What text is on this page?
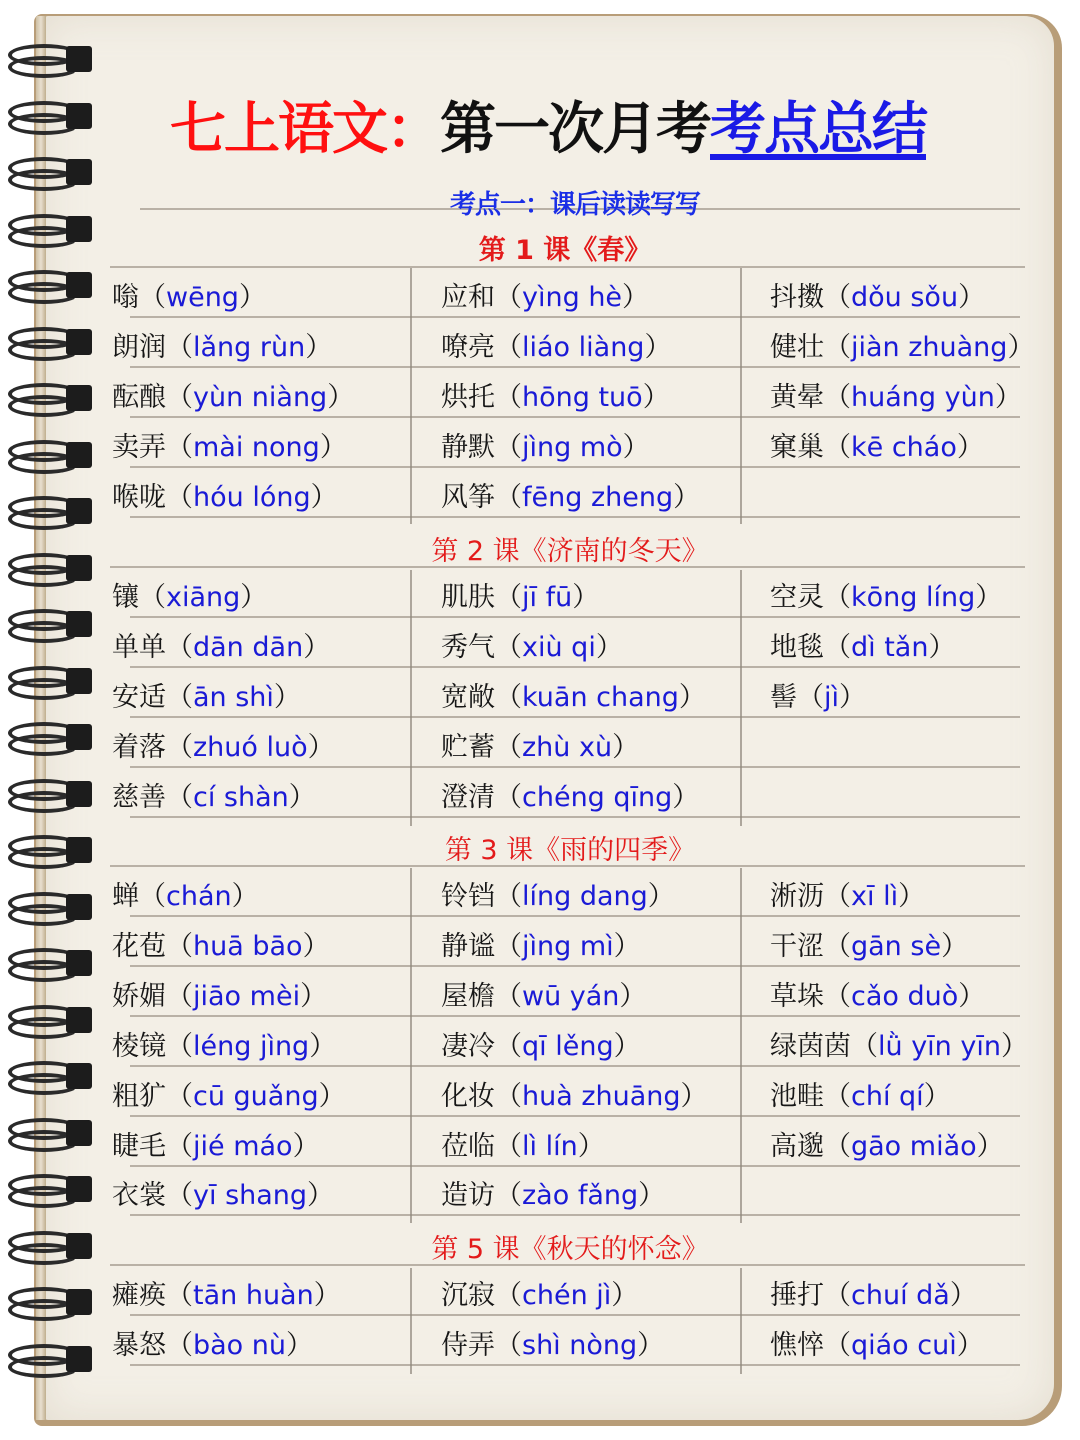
七上语文：第一次月考考点总结
考点一：课后读读写写
第 1 课《春》
嗡（wēng）
朗润（lǎng rùn）
酝酿（yùn niàng）
卖弄（mài nong）
喉咙（hóu lóng）
应和（yìng hè）
嘹亮（liáo liàng）
烘托（hōng tuō）
静默（jìng mò）
风筝（fēng zheng）
抖擞（dǒu sǒu）
健壮（jiàn zhuàng）
黄晕（huáng yùn）
窠巢（kē cháo）
第 2 课《济南的冬天》
镶（xiāng）
单单（dān dān）
安适（ān shì）
着落（zhuó luò）
慈善（cí shàn）
肌肤（jī fū）
秀气（xiù qi）
宽敞（kuān chang）
贮蓄（zhù xù）
澄清（chéng qīng）
空灵（kōng líng）
地毯（dì tǎn）
髻（jì）
第 3 课《雨的四季》
蝉（chán）
花苞（huā bāo）
娇媚（jiāo mèi）
棱镜（léng jìng）
粗犷（cū guǎng）
睫毛（jié máo）
衣裳（yī shang）
铃铛（líng dang）
静谧（jìng mì）
屋檐（wū yán）
凄冷（qī lěng）
化妆（huà zhuāng）
莅临（lì lín）
造访（zào fǎng）
淅沥（xī lì）
干涩（gān sè）
草垛（cǎo duò）
绿茵茵（lǜ yīn yīn）
池畦（chí qí）
高邈（gāo miǎo）
第 5 课《秋天的怀念》
瘫痪（tān huàn）
暴怒（bào nù）
沉寂（chén jì）
侍弄（shì nòng）
捶打（chuí dǎ）
憔悴（qiáo cuì）
